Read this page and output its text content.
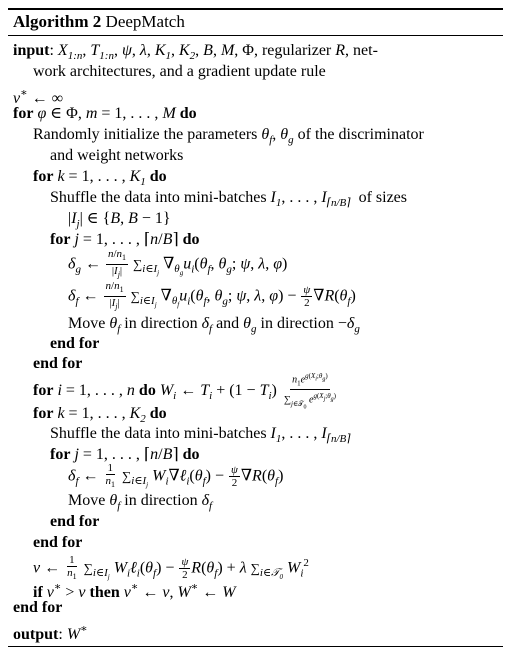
Algorithm 2 DeepMatch
input: $X_{1:n}$, $T_{1:n}$, ψ, λ, $K_1$, $K_2$, B, M, Φ, regularizer R, net-
work architectures, and a gradient update rule
v∗ ← ∞
for φ ∈ Φ, m = 1, . . . , M do
Randomly initialize the parameters $\theta_f$, $\theta_g$ of the discriminator
and weight networks
for k = 1, . . . , $K_1$ do
Shuffle the data into mini-batches $I_1$, . . . , $I_{⌈n/B⌉}$  of sizes
$|I_j|$ ∈ {B, B − 1}
for j = 1, . . . , ⌈n/B⌉ do
$\delta_g$ ← $\frac{n/n_1}{|I_j|} \sum_{i\in I_j}$ $\nabla_{\theta_g}u_i(\theta_f$, $\theta_g$; ψ, λ, φ)
$\delta_f$ ← $\frac{n/n_1}{|I_j|} \sum_{i\in I_j}$ $\nabla_{\theta_f}u_i(\theta_f$, $\theta_g$; ψ, λ, $\varphi) - \frac{\psi}{2} \nabla R(\theta_f)$
Move $\theta_f$ in direction $\delta_f$ and $\theta_g$ in direction $-\delta_g$
end for
end for
for i = 1, . . . , n do $W_i$ ← $T_i + (1 - T_i) \frac{n_1e^{g(X_i;\theta_g)}}{\sum_{j\in 𝒯_0} e^{g(X_j;\theta_g)}}$
for k = 1, . . . , $K_2$ do
Shuffle the data into mini-batches $I_1$, . . . , $I_{⌈n/B⌉}$
for j = 1, . . . , ⌈n/B⌉ do
$\delta_f$ ← $\frac{1}{n_1} \sum_{i\in I_j}$ $W_i\nabla\ell_i(\theta_f) - \frac{\psi}{2} \nabla R(\theta_f)$
Move $\theta_f$ in direction $\delta_f$
end for
end for
v ← $\frac{1}{n_1} \sum_{i\in I_j}$ $W_i\ell_i(\theta_f) - \frac{\psi}{2} R(\theta_f) + \lambda$ $\sum_{i\in 𝒯_0}$ $W_i^2$
if v∗ > v then v∗ ← v, W∗ ← W
end for
output: W∗
